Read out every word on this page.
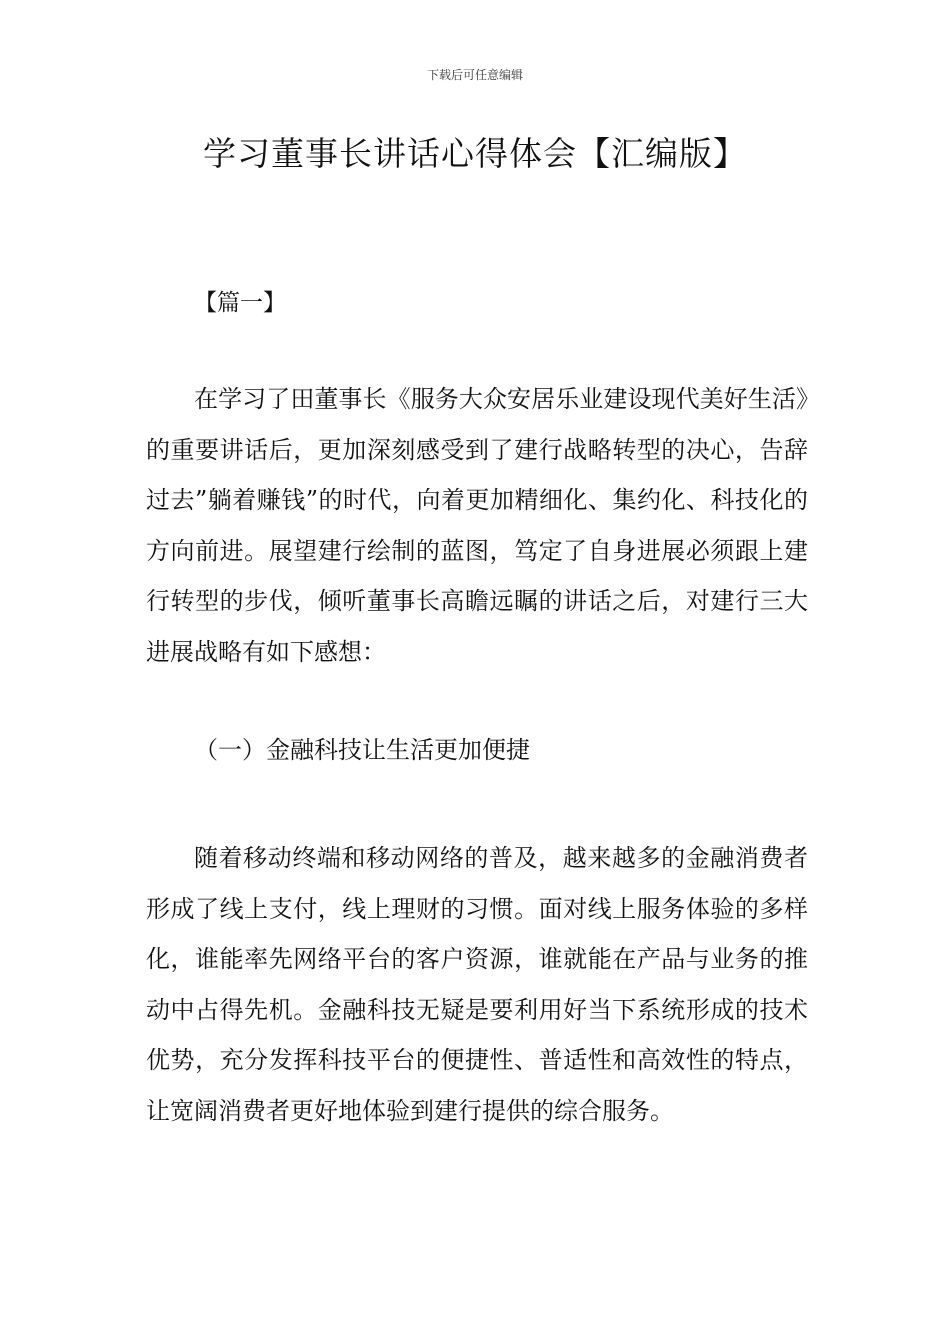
下载后可任意编辑
学习董事长讲话心得体会【汇编版】

【篇一】

在学习了田董事长《服务大众安居乐业建设现代美好生活》的重要讲话后，更加深刻感受到了建行战略转型的决心，告辞过去”躺着赚钱”的时代，向着更加精细化、集约化、科技化的方向前进。展望建行绘制的蓝图，笃定了自身进展必须跟上建行转型的步伐，倾听董事长高瞻远瞩的讲话之后，对建行三大进展战略有如下感想：

（一）金融科技让生活更加便捷

随着移动终端和移动网络的普及，越来越多的金融消费者形成了线上支付，线上理财的习惯。面对线上服务体验的多样化，谁能率先网络平台的客户资源，谁就能在产品与业务的推动中占得先机。金融科技无疑是要利用好当下系统形成的技术优势，充分发挥科技平台的便捷性、普适性和高效性的特点，让宽阔消费者更好地体验到建行提供的综合服务。
